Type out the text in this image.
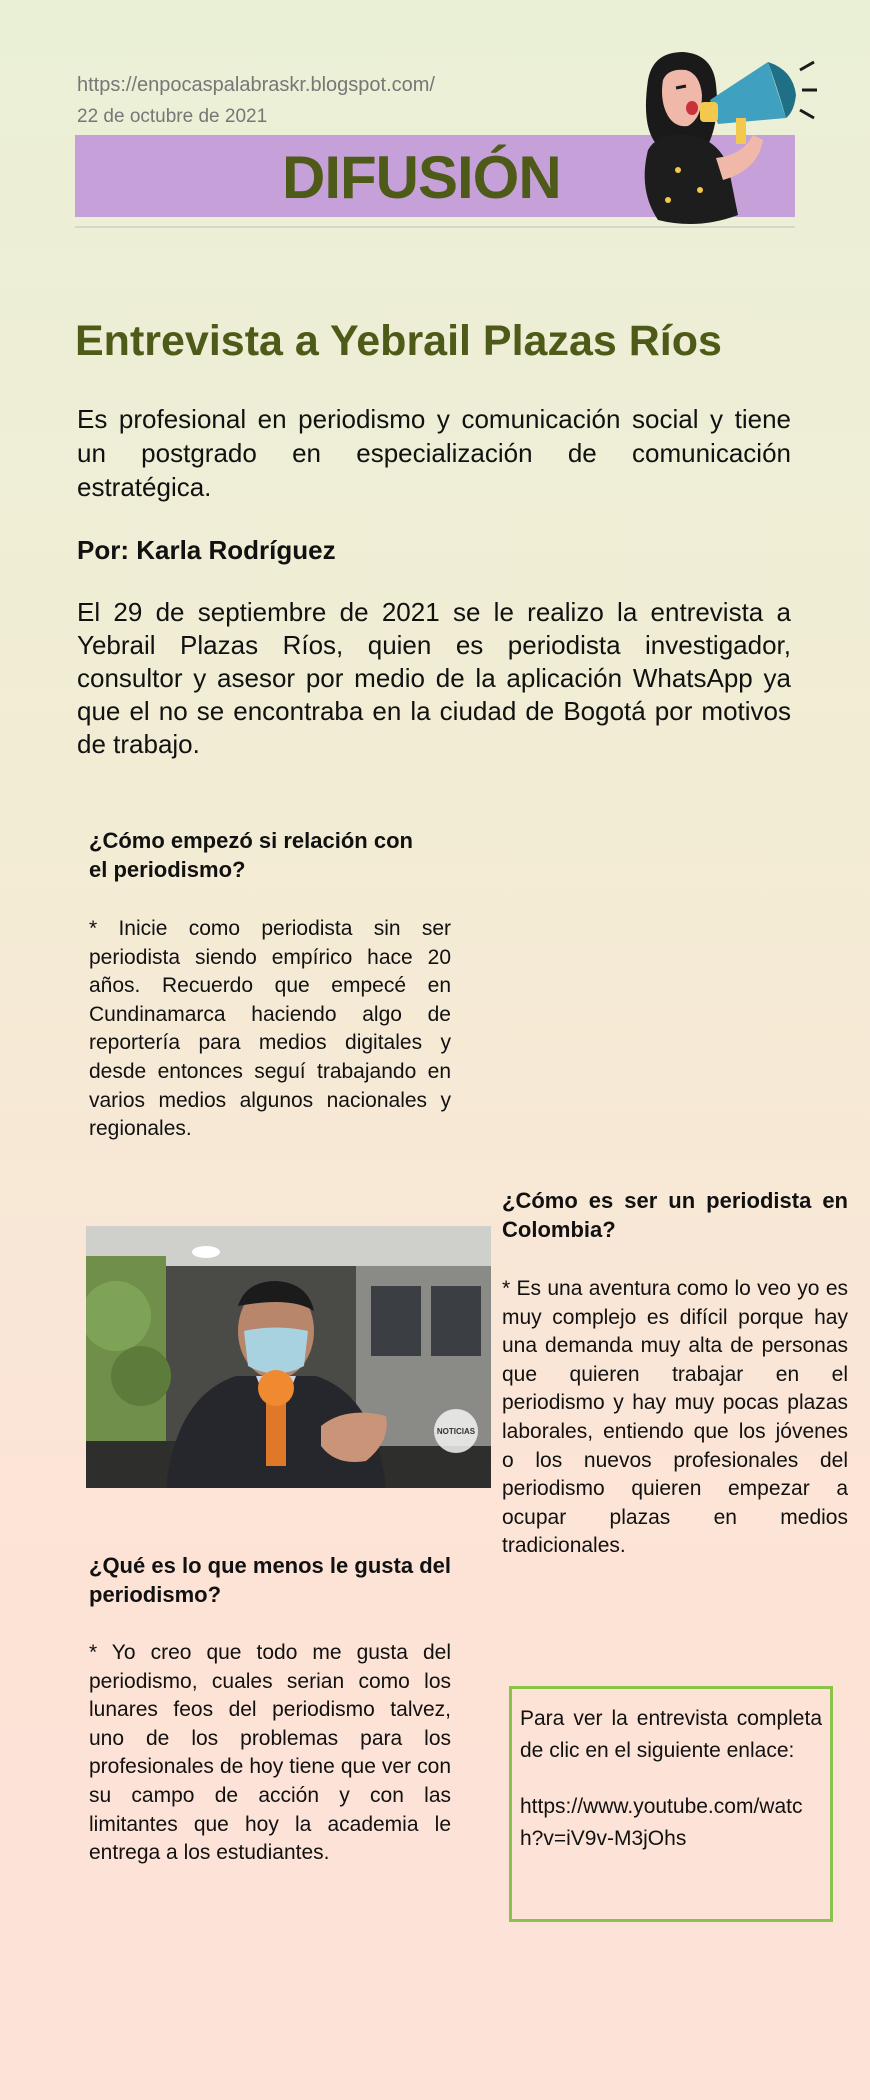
https://enpocaspalabraskr.blogspot.com/
22 de octubre de 2021
DIFUSIÓN
Entrevista a Yebrail Plazas Ríos
Es profesional en periodismo y comunicación social y tiene un postgrado en especialización de comunicación estratégica.
Por: Karla Rodríguez
El 29 de septiembre de 2021 se le realizo la entrevista a Yebrail Plazas Ríos, quien es periodista investigador, consultor y asesor por medio de la aplicación WhatsApp ya que el no se encontraba en la ciudad de Bogotá por motivos de trabajo.
¿Cómo empezó si relación con el periodismo?
* Inicie como periodista sin ser periodista siendo empírico hace 20 años. Recuerdo que empecé en Cundinamarca haciendo algo de reportería para medios digitales y desde entonces seguí trabajando en varios medios algunos nacionales y regionales.
NOTICIAS
¿Cómo es ser un periodista en Colombia?
* Es una aventura como lo veo yo es muy complejo es difícil porque hay una demanda muy alta de personas que quieren trabajar en el periodismo y hay muy pocas plazas laborales, entiendo que los jóvenes o los nuevos profesionales del periodismo quieren empezar a ocupar plazas en medios tradicionales.
¿Qué es lo que menos le gusta del periodismo?
* Yo creo que todo me gusta del periodismo, cuales serian como los lunares feos del periodismo talvez, uno de los problemas para los profesionales de hoy tiene que ver con su campo de acción y con las limitantes que hoy la academia le entrega a los estudiantes.

Para ver la entrevista completa de clic en el siguiente enlace:

https://www.youtube.com/watch?v=iV9v-M3jOhs
